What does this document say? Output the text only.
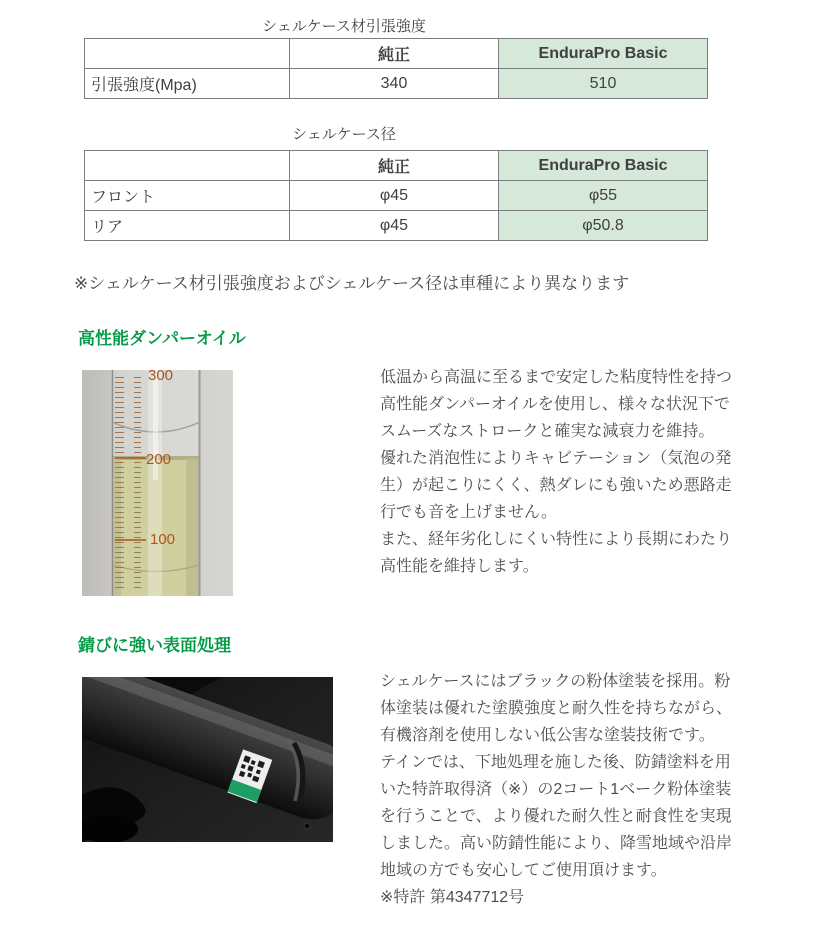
シェルケース材引張強度
	純正	EnduraPro Basic
引張強度(Mpa)	340	510
シェルケース径
	純正	EnduraPro Basic
フロント	φ45	φ55
リア	φ45	φ50.8
※シェルケース材引張強度およびシェルケース径は車種により異なります
高性能ダンパーオイル
300
200
100
低温から高温に至るまで安定した粘度特性を持つ
高性能ダンパーオイルを使用し、様々な状況下で
スムーズなストロークと確実な減衰力を維持。
優れた消泡性によりキャビテーション（気泡の発
生）が起こりにくく、熱ダレにも強いため悪路走
行でも音を上げません。
また、経年劣化しにくい特性により長期にわたり
高性能を維持します。
錆びに強い表面処理
シェルケースにはブラックの粉体塗装を採用。粉
体塗装は優れた塗膜強度と耐久性を持ちながら、
有機溶剤を使用しない低公害な塗装技術です。
テインでは、下地処理を施した後、防錆塗料を用
いた特許取得済（※）の2コート1ベーク粉体塗装
を行うことで、より優れた耐久性と耐食性を実現
しました。高い防錆性能により、降雪地域や沿岸
地域の方でも安心してご使用頂けます。
※特許 第4347712号
